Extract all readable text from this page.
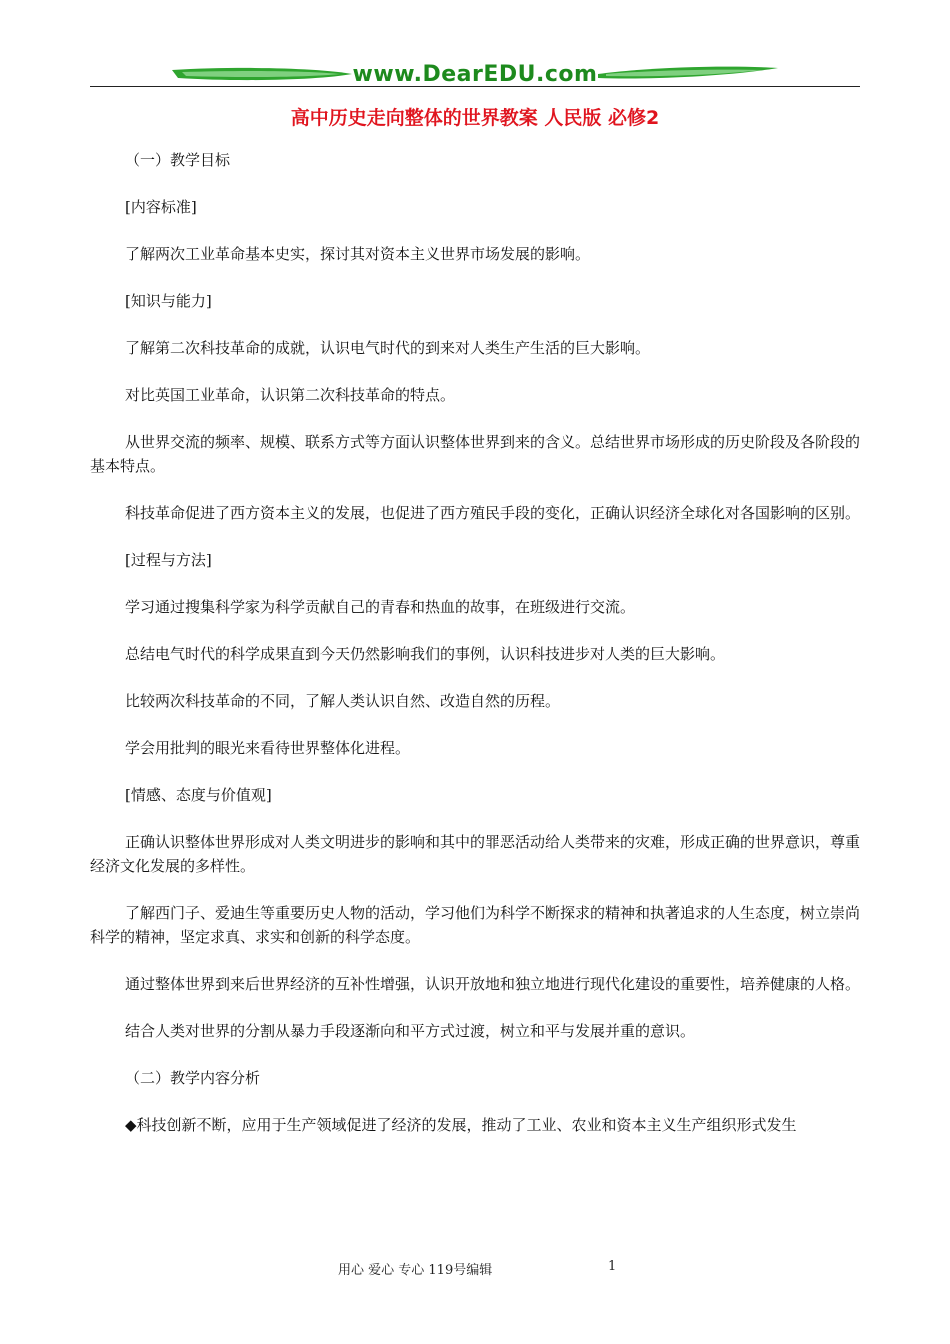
www.DearEDU.com
高中历史走向整体的世界教案 人民版 必修2

（一）教学目标

[内容标准]

了解两次工业革命基本史实，探讨其对资本主义世界市场发展的影响。

[知识与能力]

了解第二次科技革命的成就，认识电气时代的到来对人类生产生活的巨大影响。

对比英国工业革命，认识第二次科技革命的特点。

从世界交流的频率、规模、联系方式等方面认识整体世界到来的含义。总结世界市场形成的历史阶段及各阶段的基本特点。

科技革命促进了西方资本主义的发展，也促进了西方殖民手段的变化，正确认识经济全球化对各国影响的区别。

[过程与方法]

学习通过搜集科学家为科学贡献自己的青春和热血的故事，在班级进行交流。

总结电气时代的科学成果直到今天仍然影响我们的事例，认识科技进步对人类的巨大影响。

比较两次科技革命的不同，了解人类认识自然、改造自然的历程。

学会用批判的眼光来看待世界整体化进程。

[情感、态度与价值观]

正确认识整体世界形成对人类文明进步的影响和其中的罪恶活动给人类带来的灾难，形成正确的世界意识，尊重经济文化发展的多样性。

了解西门子、爱迪生等重要历史人物的活动，学习他们为科学不断探求的精神和执著追求的人生态度，树立崇尚科学的精神，坚定求真、求实和创新的科学态度。

通过整体世界到来后世界经济的互补性增强，认识开放地和独立地进行现代化建设的重要性，培养健康的人格。

结合人类对世界的分割从暴力手段逐渐向和平方式过渡，树立和平与发展并重的意识。

（二）教学内容分析

◆科技创新不断，应用于生产领域促进了经济的发展，推动了工业、农业和资本主义生产组织形式发生

用心 爱心 专心 119号编辑	1
